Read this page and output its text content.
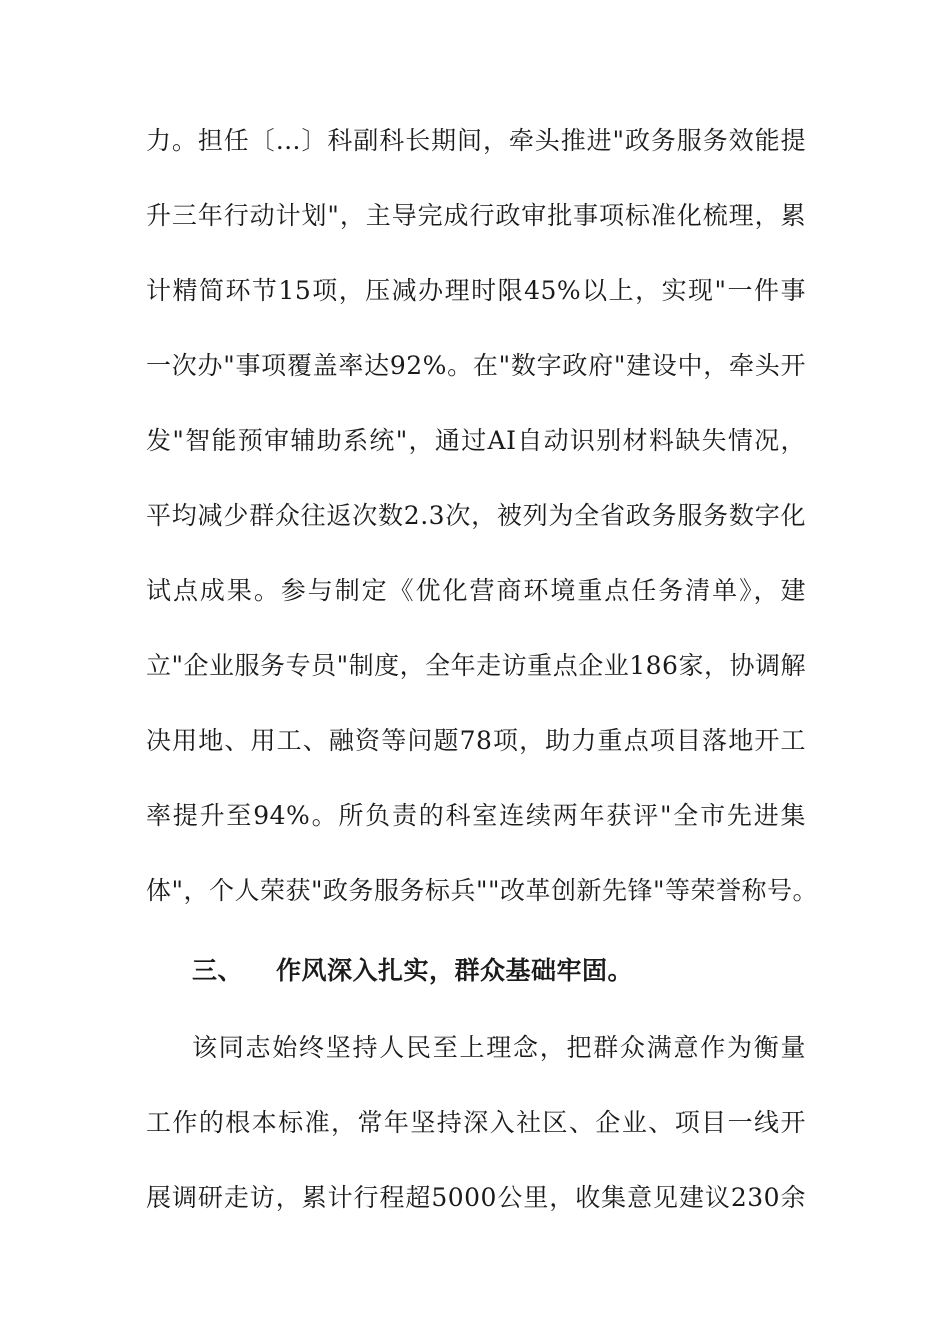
力。担任〔…〕科副科长期间，牵头推进"政务服务效能提
升三年行动计划"，主导完成行政审批事项标准化梳理，累
计精简环节15项，压减办理时限45%以上，实现"一件事
一次办"事项覆盖率达92%。在"数字政府"建设中，牵头开
发"智能预审辅助系统"，通过AI自动识别材料缺失情况，
平均减少群众往返次数2.3次，被列为全省政务服务数字化
试点成果。参与制定《优化营商环境重点任务清单》，建
立"企业服务专员"制度，全年走访重点企业186家，协调解
决用地、用工、融资等问题78项，助力重点项目落地开工
率提升至94%。所负责的科室连续两年获评"全市先进集
体"，个人荣获"政务服务标兵""改革创新先锋"等荣誉称号。
三、 作风深入扎实，群众基础牢固。
该同志始终坚持人民至上理念，把群众满意作为衡量
工作的根本标准，常年坚持深入社区、企业、项目一线开
展调研走访，累计行程超5000公里，收集意见建议230余
